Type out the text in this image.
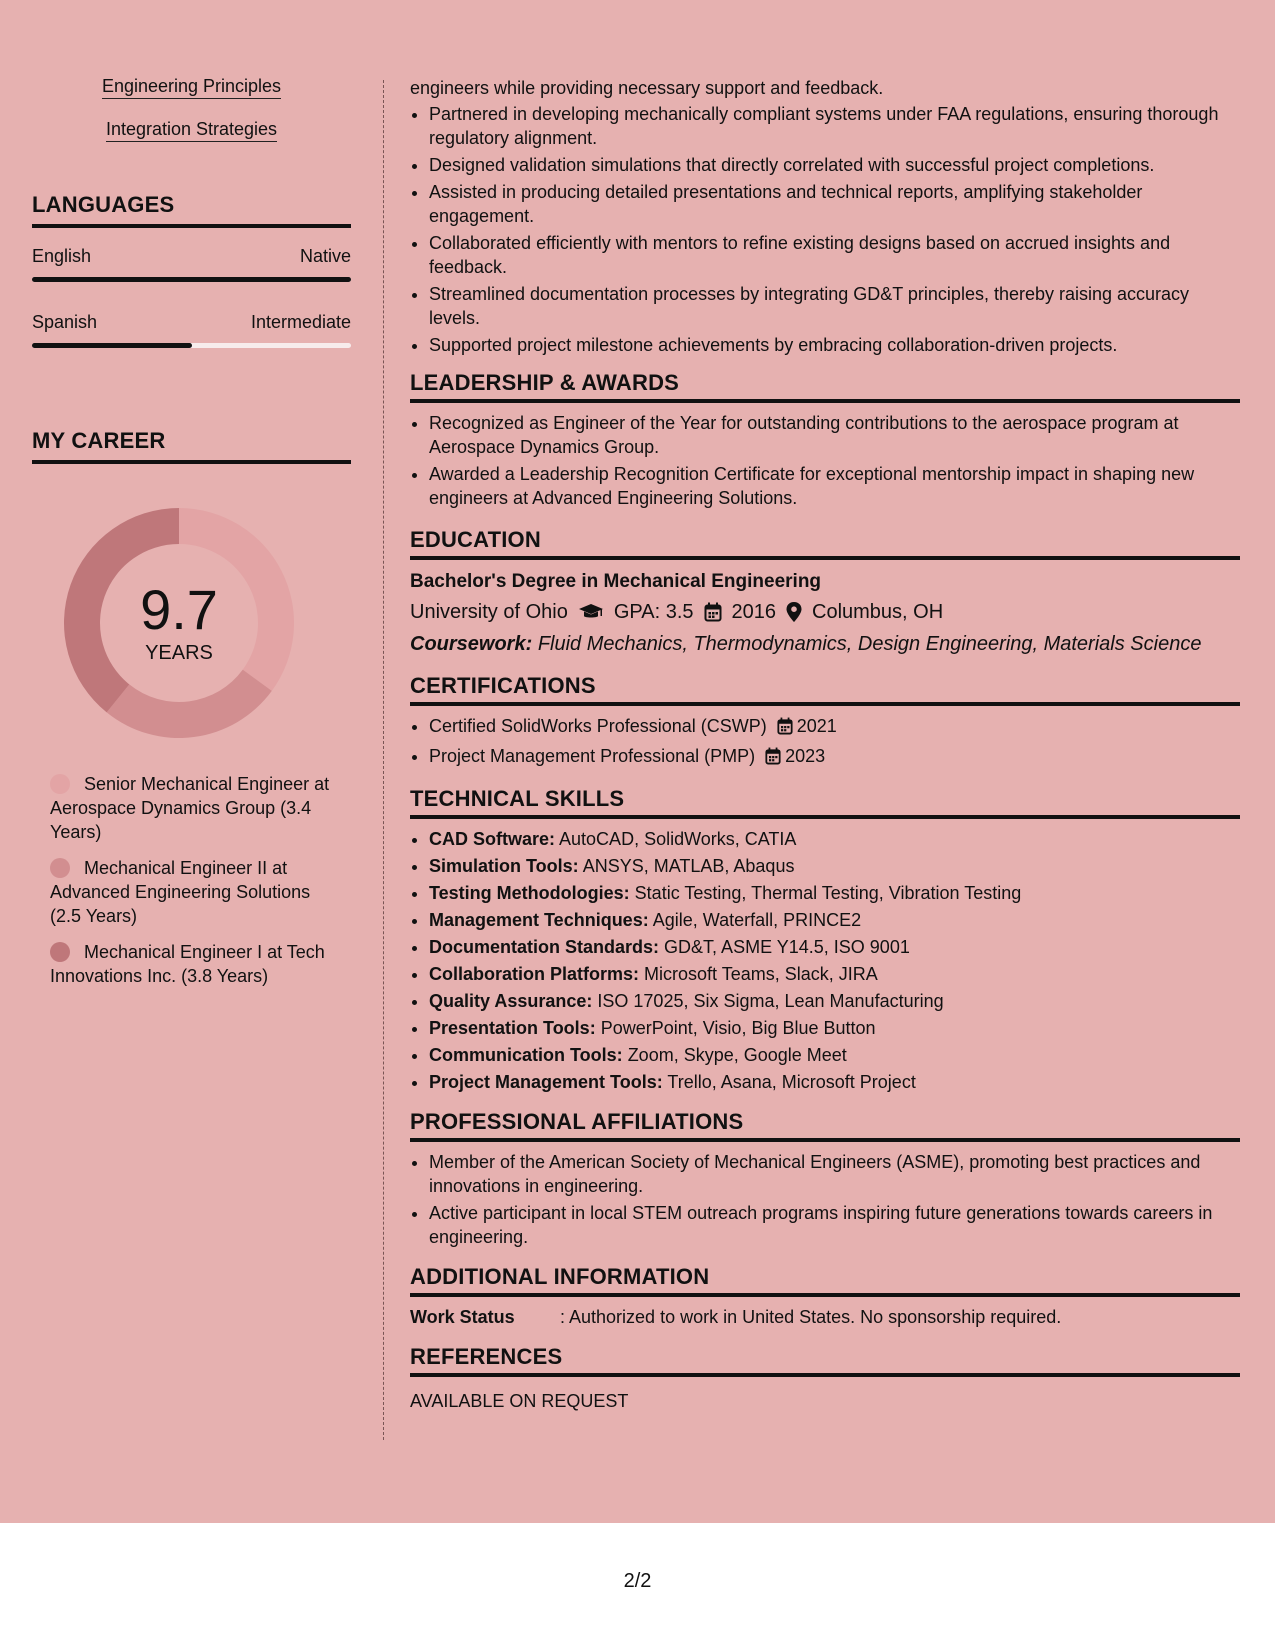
Engineering Principles
Integration Strategies
LANGUAGES
English	Native
Spanish	Intermediate
MY CAREER
9.7
YEARS
Senior Mechanical Engineer at Aerospace Dynamics Group (3.4 Years)
Mechanical Engineer II at Advanced Engineering Solutions (2.5 Years)
Mechanical Engineer I at Tech Innovations Inc. (3.8 Years)
engineers while providing necessary support and feedback.
• Partnered in developing mechanically compliant systems under FAA regulations, ensuring thorough regulatory alignment.
• Designed validation simulations that directly correlated with successful project completions.
• Assisted in producing detailed presentations and technical reports, amplifying stakeholder engagement.
• Collaborated efficiently with mentors to refine existing designs based on accrued insights and feedback.
• Streamlined documentation processes by integrating GD&T principles, thereby raising accuracy levels.
• Supported project milestone achievements by embracing collaboration-driven projects.
LEADERSHIP & AWARDS
• Recognized as Engineer of the Year for outstanding contributions to the aerospace program at Aerospace Dynamics Group.
• Awarded a Leadership Recognition Certificate for exceptional mentorship impact in shaping new engineers at Advanced Engineering Solutions.
EDUCATION
Bachelor's Degree in Mechanical Engineering
University of Ohio GPA: 3.5 2016 Columbus, OH
Coursework: Fluid Mechanics, Thermodynamics, Design Engineering, Materials Science
CERTIFICATIONS
• Certified SolidWorks Professional (CSWP) 2021
• Project Management Professional (PMP) 2023
TECHNICAL SKILLS
• CAD Software: AutoCAD, SolidWorks, CATIA
• Simulation Tools: ANSYS, MATLAB, Abaqus
• Testing Methodologies: Static Testing, Thermal Testing, Vibration Testing
• Management Techniques: Agile, Waterfall, PRINCE2
• Documentation Standards: GD&T, ASME Y14.5, ISO 9001
• Collaboration Platforms: Microsoft Teams, Slack, JIRA
• Quality Assurance: ISO 17025, Six Sigma, Lean Manufacturing
• Presentation Tools: PowerPoint, Visio, Big Blue Button
• Communication Tools: Zoom, Skype, Google Meet
• Project Management Tools: Trello, Asana, Microsoft Project
PROFESSIONAL AFFILIATIONS
• Member of the American Society of Mechanical Engineers (ASME), promoting best practices and innovations in engineering.
• Active participant in local STEM outreach programs inspiring future generations towards careers in engineering.
ADDITIONAL INFORMATION
Work Status	: Authorized to work in United States. No sponsorship required.
REFERENCES
AVAILABLE ON REQUEST
2/2
